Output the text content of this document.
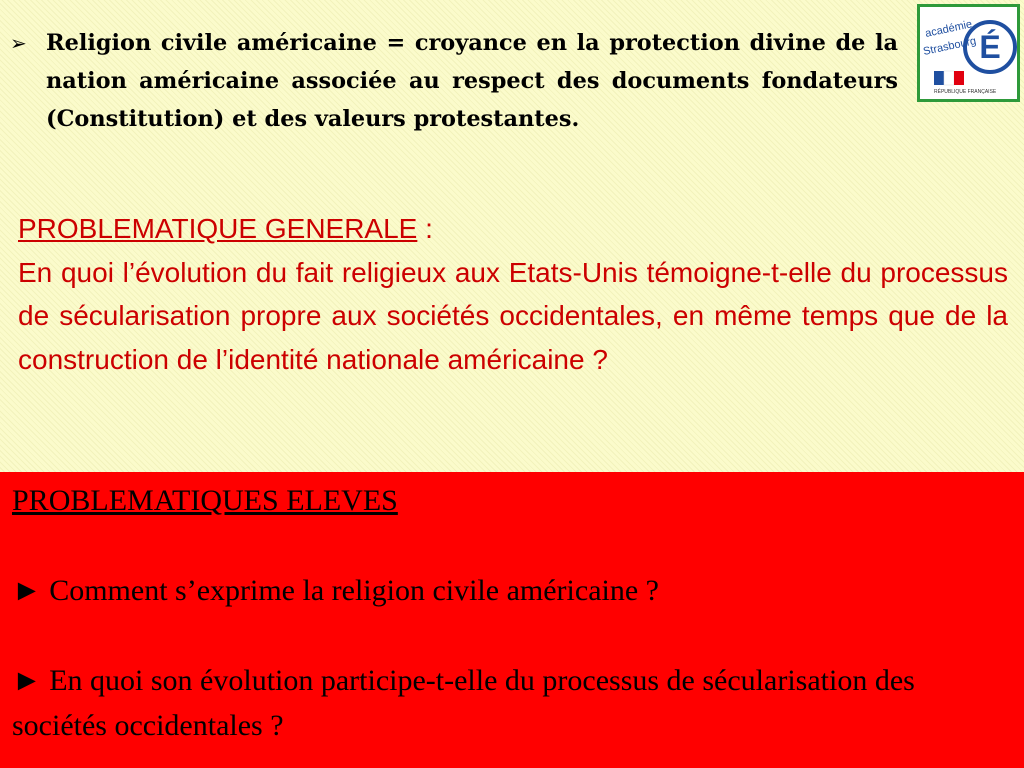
➢ Religion civile américaine = croyance en la protection divine de la nation américaine associée au respect des documents fondateurs (Constitution) et des valeurs protestantes.
É
académie
Strasbourg
RÉPUBLIQUE FRANÇAISE
PROBLEMATIQUE GENERALE :
En quoi l’évolution du fait religieux aux Etats-Unis témoigne-t-elle du processus de sécularisation propre aux sociétés occidentales, en même temps que de la construction de l’identité nationale américaine ?

PROBLEMATIQUES ELEVES

► Comment s’exprime la religion civile américaine ?

► En quoi son évolution participe-t-elle du processus de sécularisation des sociétés occidentales ?
